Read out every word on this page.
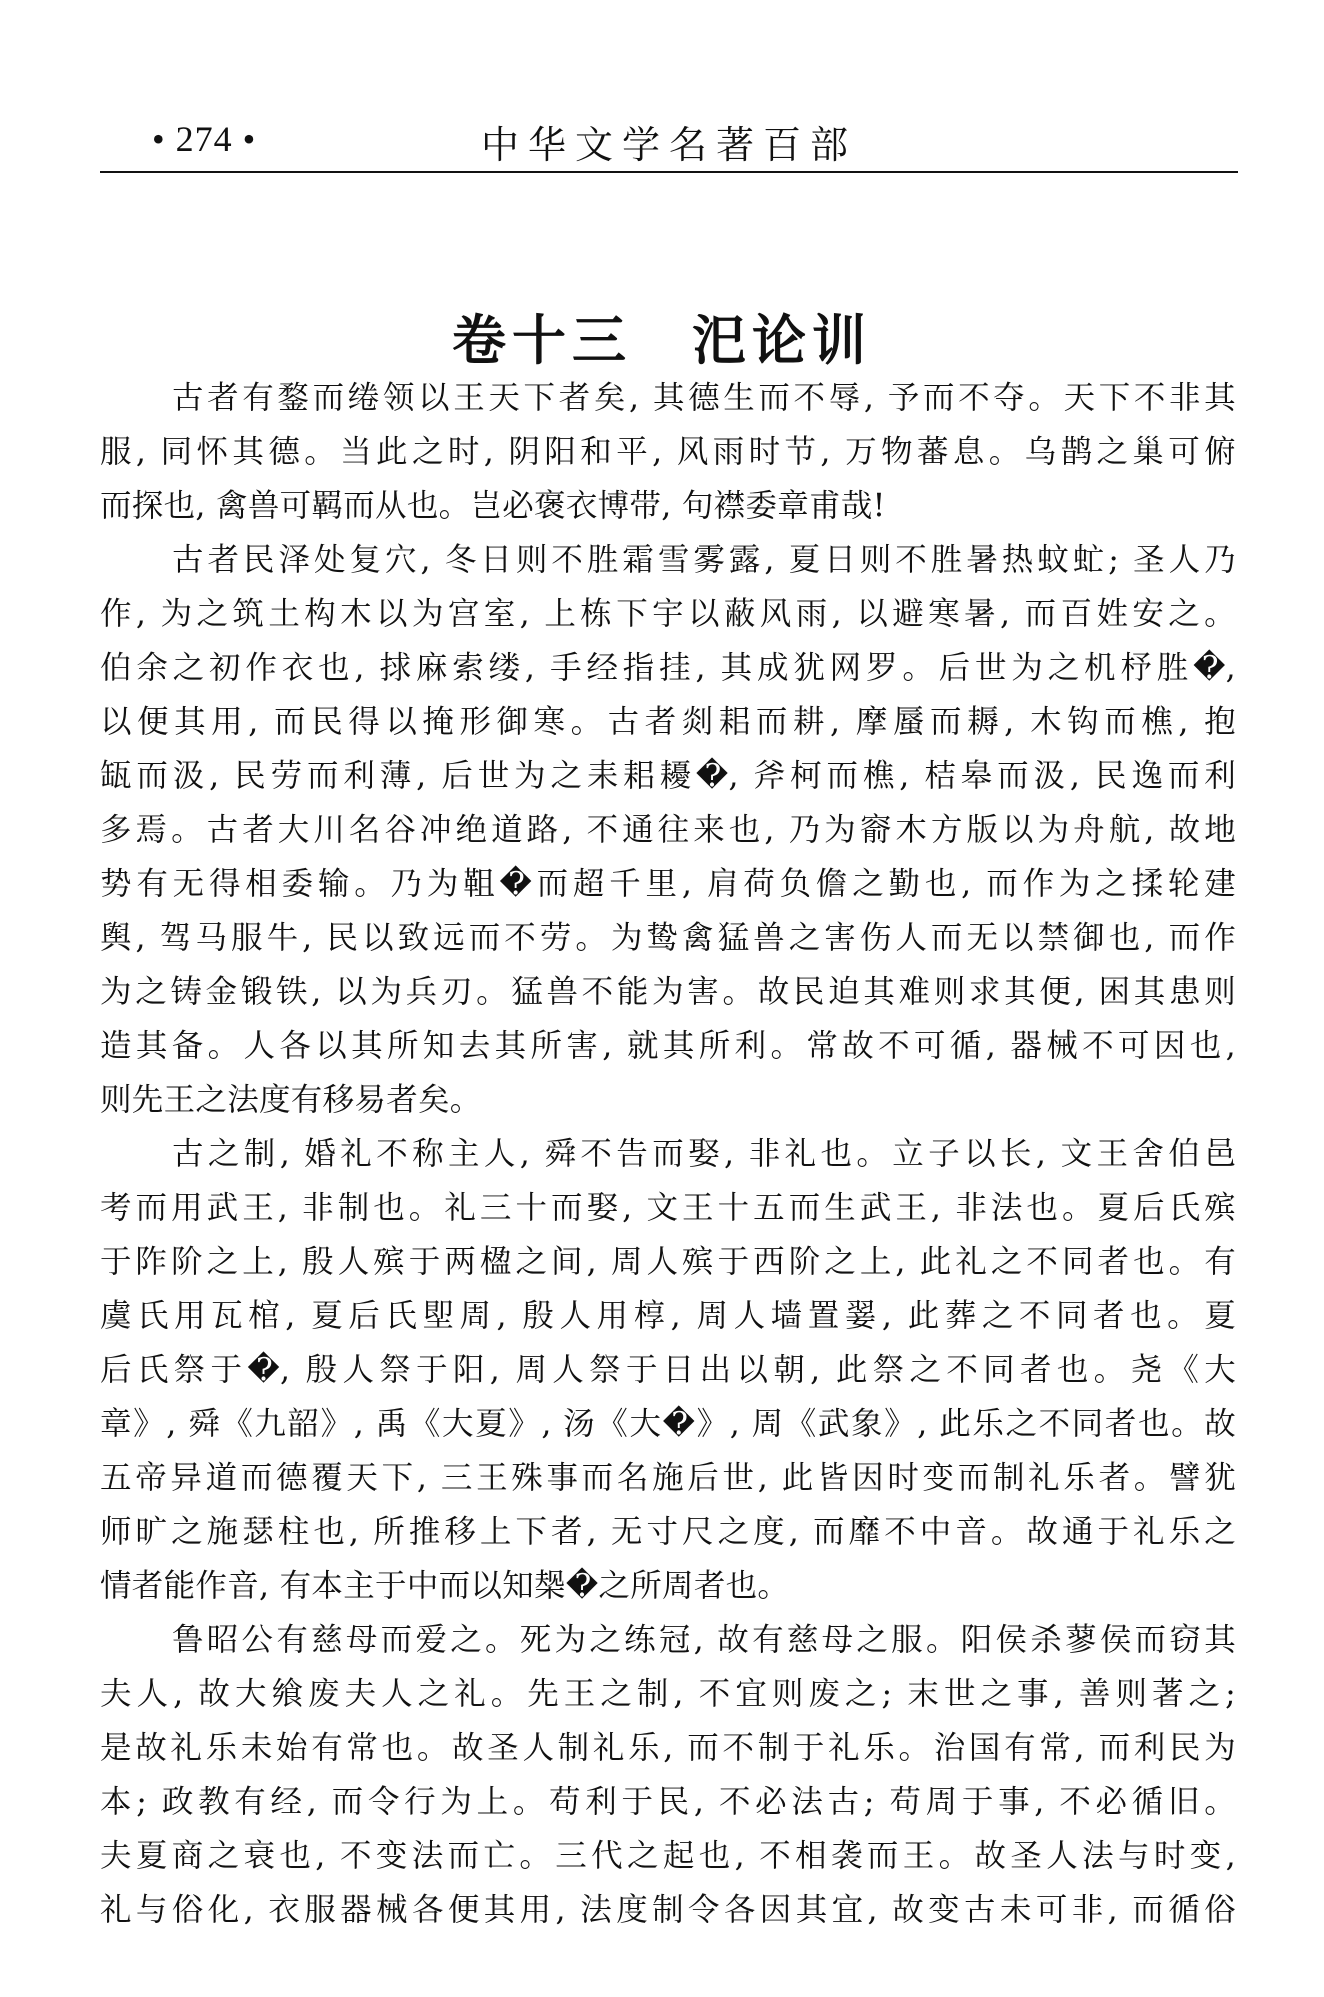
• 274 •	中华文学名著百部
卷十三　汜论训
古者有鍪而绻领以王天下者矣, 其德生而不辱, 予而不夺。天下不非其
服, 同怀其德。当此之时, 阴阳和平, 风雨时节, 万物蕃息。乌鹊之巢可俯
而探也, 禽兽可羁而从也。岂必褒衣博带, 句襟委章甫哉!
古者民泽处复穴, 冬日则不胜霜雪雾露, 夏日则不胜暑热蚊虻; 圣人乃
作, 为之筑土构木以为宫室, 上栋下宇以蔽风雨, 以避寒暑, 而百姓安之。
伯余之初作衣也, 捄麻索缕, 手经指挂, 其成犹网罗。后世为之机杼胜�,
以便其用, 而民得以掩形御寒。古者剡耜而耕, 摩蜃而耨, 木钩而樵, 抱
缻而汲, 民劳而利薄, 后世为之耒耜耰�, 斧柯而樵, 桔皋而汲, 民逸而利
多焉。古者大川名谷冲绝道路, 不通往来也, 乃为窬木方版以为舟航, 故地
势有无得相委输。乃为靻�而超千里, 肩荷负儋之勤也, 而作为之揉轮建
舆, 驾马服牛, 民以致远而不劳。为鸷禽猛兽之害伤人而无以禁御也, 而作
为之铸金锻铁, 以为兵刃。猛兽不能为害。故民迫其难则求其便, 困其患则
造其备。人各以其所知去其所害, 就其所利。常故不可循, 器械不可因也,
则先王之法度有移易者矣。
古之制, 婚礼不称主人, 舜不告而娶, 非礼也。立子以长, 文王舍伯邑
考而用武王, 非制也。礼三十而娶, 文王十五而生武王, 非法也。夏后氏殡
于阼阶之上, 殷人殡于两楹之间, 周人殡于西阶之上, 此礼之不同者也。有
虞氏用瓦棺, 夏后氏堲周, 殷人用椁, 周人墙置翣, 此葬之不同者也。夏
后氏祭于�, 殷人祭于阳, 周人祭于日出以朝, 此祭之不同者也。尧《大
章》, 舜《九韶》, 禹《大夏》, 汤《大�》, 周《武象》, 此乐之不同者也。故
五帝异道而德覆天下, 三王殊事而名施后世, 此皆因时变而制礼乐者。譬犹
师旷之施瑟柱也, 所推移上下者, 无寸尺之度, 而靡不中音。故通于礼乐之
情者能作音, 有本主于中而以知椝�之所周者也。
鲁昭公有慈母而爱之。死为之练冠, 故有慈母之服。阳侯杀蓼侯而窃其
夫人, 故大飨废夫人之礼。先王之制, 不宜则废之; 末世之事, 善则著之;
是故礼乐未始有常也。故圣人制礼乐, 而不制于礼乐。治国有常, 而利民为
本; 政教有经, 而令行为上。苟利于民, 不必法古; 苟周于事, 不必循旧。
夫夏商之衰也, 不变法而亡。三代之起也, 不相袭而王。故圣人法与时变,
礼与俗化, 衣服器械各便其用, 法度制令各因其宜, 故变古未可非, 而循俗
